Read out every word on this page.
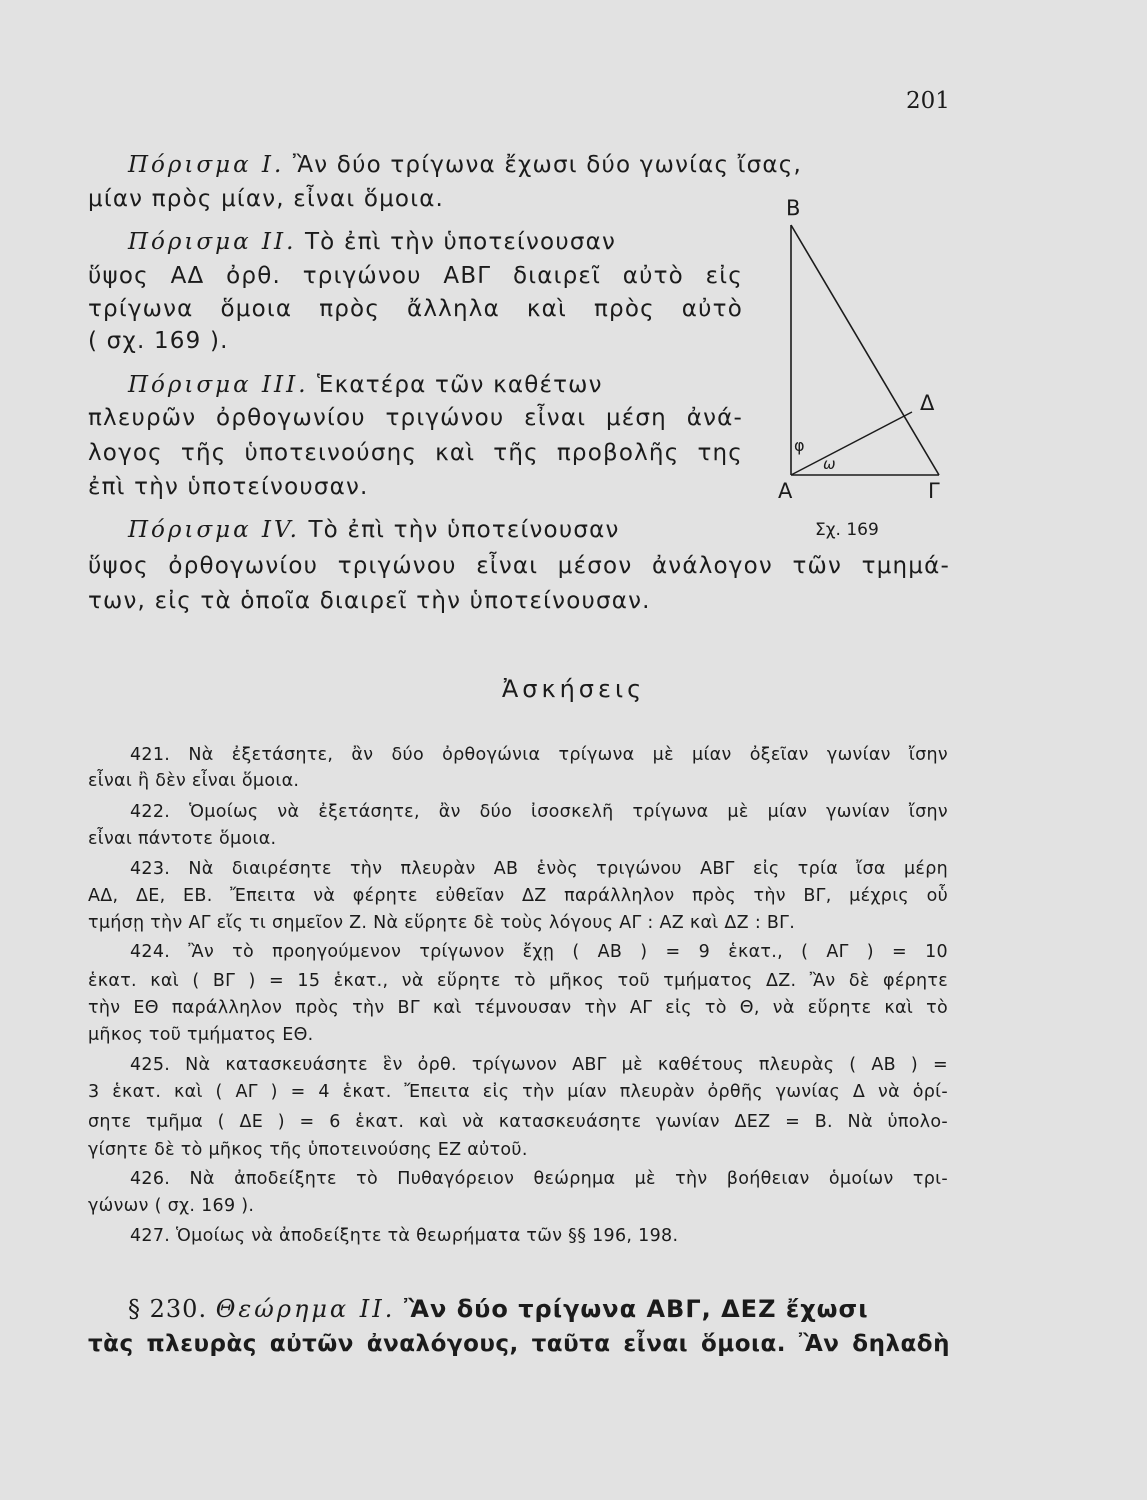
201
Πόρισμα Ι. Ἂν δύο τρίγωνα ἔχωσι δύο γωνίας ἴσας,
μίαν πρὸς μίαν, εἶναι ὅμοια.
Πόρισμα ΙΙ. Τὸ ἐπὶ τὴν ὑποτείνουσαν
ὕψος ΑΔ ὀρθ. τριγώνου ΑΒΓ διαιρεῖ αὐτὸ εἰς
τρίγωνα ὅμοια πρὸς ἄλληλα καὶ πρὸς αὐτὸ
( σχ. 169 ).
Πόρισμα ΙΙΙ. Ἑκατέρα τῶν καθέτων
πλευρῶν ὀρθογωνίου τριγώνου εἶναι μέση ἀνά-
λογος τῆς ὑποτεινούσης καὶ τῆς προβολῆς της
ἐπὶ τὴν ὑποτείνουσαν.
Πόρισμα IV. Τὸ ἐπὶ τὴν ὑποτείνουσαν
ὕψος ὀρθογωνίου τριγώνου εἶναι μέσον ἀνάλογον τῶν τμημά-
των, εἰς τὰ ὁποῖα διαιρεῖ τὴν ὑποτείνουσαν.
Β
Α	Γ
Δ
φ
ω
Σχ. 169
Ἀσκήσεις
421. Νὰ ἐξετάσητε, ἂν δύο ὀρθογώνια τρίγωνα μὲ μίαν ὀξεῖαν γωνίαν ἴσην
εἶναι ἢ δὲν εἶναι ὅμοια.
422. Ὁμοίως νὰ ἐξετάσητε, ἂν δύο ἰσοσκελῆ τρίγωνα μὲ μίαν γωνίαν ἴσην
εἶναι πάντοτε ὅμοια.
423. Νὰ διαιρέσητε τὴν πλευρὰν ΑΒ ἑνὸς τριγώνου ΑΒΓ εἰς τρία ἴσα μέρη
ΑΔ, ΔΕ, ΕΒ. Ἔπειτα νὰ φέρητε εὐθεῖαν ΔΖ παράλληλον πρὸς τὴν ΒΓ, μέχρις οὗ
τμήσῃ τὴν ΑΓ εἴς τι σημεῖον Ζ. Νὰ εὕρητε δὲ τοὺς λόγους ΑΓ : ΑΖ καὶ ΔΖ : ΒΓ.
424. Ἂν τὸ προηγούμενον τρίγωνον ἔχῃ ( ΑΒ ) = 9 ἑκατ., ( ΑΓ ) = 10
ἑκατ. καὶ ( ΒΓ ) = 15 ἑκατ., νὰ εὕρητε τὸ μῆκος τοῦ τμήματος ΔΖ. Ἂν δὲ φέρητε
τὴν ΕΘ παράλληλον πρὸς τὴν ΒΓ καὶ τέμνουσαν τὴν ΑΓ εἰς τὸ Θ, νὰ εὕρητε καὶ τὸ
μῆκος τοῦ τμήματος ΕΘ.
425. Νὰ κατασκευάσητε ἓν ὀρθ. τρίγωνον ΑΒΓ μὲ καθέτους πλευρὰς ( ΑΒ ) =
3 ἑκατ. καὶ ( ΑΓ ) = 4 ἑκατ. Ἔπειτα εἰς τὴν μίαν πλευρὰν ὀρθῆς γωνίας Δ νὰ ὁρί-
σητε τμῆμα ( ΔΕ ) = 6 ἑκατ. καὶ νὰ κατασκευάσητε γωνίαν ΔΕΖ = Β. Νὰ ὑπολο-
γίσητε δὲ τὸ μῆκος τῆς ὑποτεινούσης ΕΖ αὐτοῦ.
426. Νὰ ἀποδείξητε τὸ Πυθαγόρειον θεώρημα μὲ τὴν βοήθειαν ὁμοίων τρι-
γώνων ( σχ. 169 ).
427. Ὁμοίως νὰ ἀποδείξητε τὰ θεωρήματα τῶν §§ 196, 198.
§ 230. Θεώρημα ΙΙ. Ἂν δύο τρίγωνα ΑΒΓ, ΔΕΖ ἔχωσι
τὰς πλευρὰς αὐτῶν ἀναλόγους, ταῦτα εἶναι ὅμοια. Ἂν δηλαδὴ
